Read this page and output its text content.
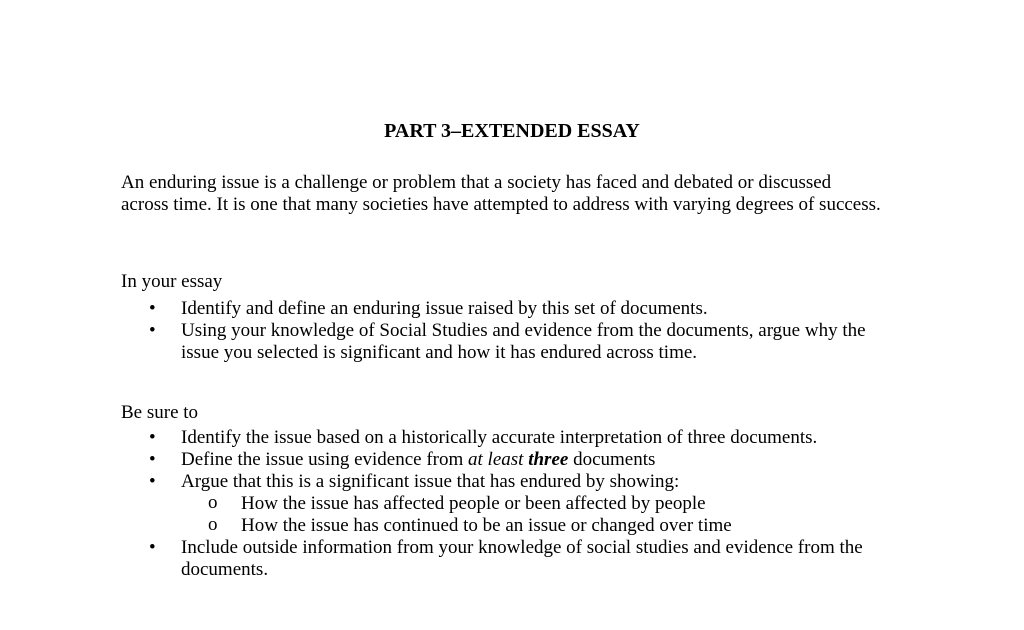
PART 3–EXTENDED ESSAY
An enduring issue is a challenge or problem that a society has faced and debated or discussed across time. It is one that many societies have attempted to address with varying degrees of success.
In your essay
• Identify and define an enduring issue raised by this set of documents.
• Using your knowledge of Social Studies and evidence from the documents, argue why the issue you selected is significant and how it has endured across time.
Be sure to
• Identify the issue based on a historically accurate interpretation of three documents.
• Define the issue using evidence from at least three documents
• Argue that this is a significant issue that has endured by showing:
o How the issue has affected people or been affected by people
o How the issue has continued to be an issue or changed over time
• Include outside information from your knowledge of social studies and evidence from the documents.
